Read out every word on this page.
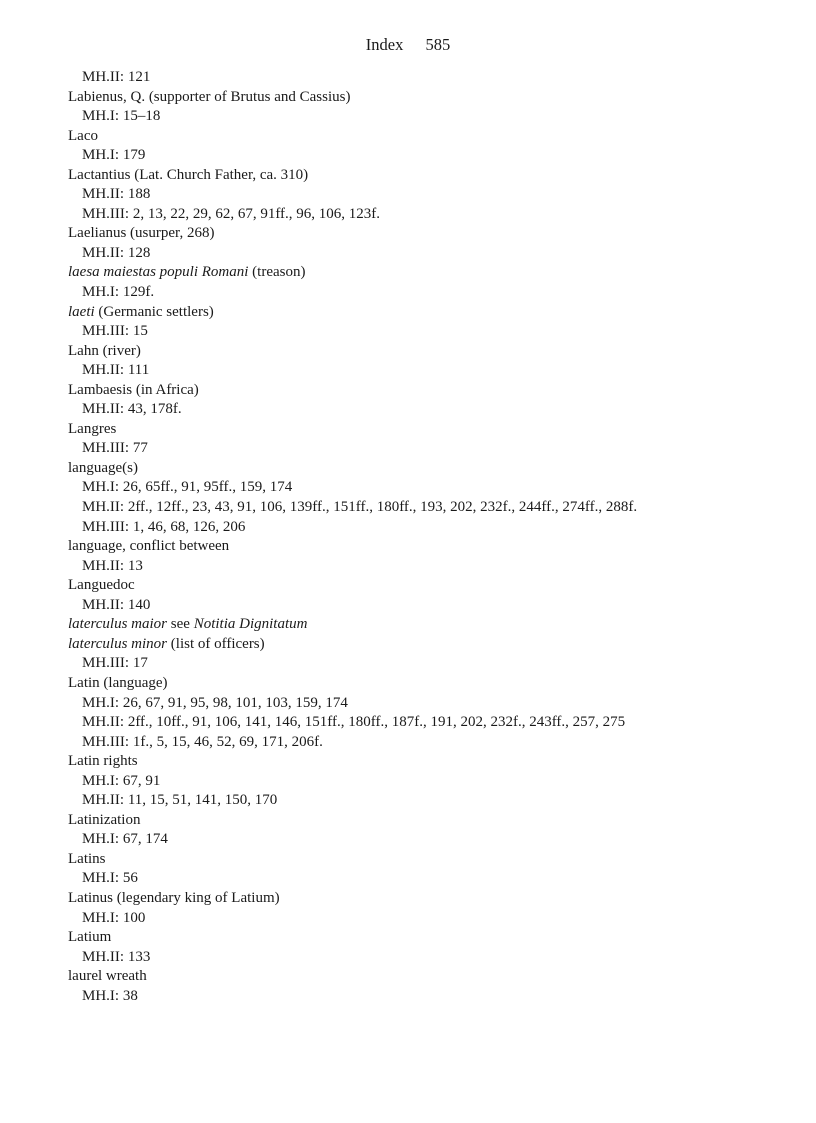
Index 585
MH.II: 121
Labienus, Q. (supporter of Brutus and Cassius)
MH.I: 15–18
Laco
MH.I: 179
Lactantius (Lat. Church Father, ca. 310)
MH.II: 188
MH.III: 2, 13, 22, 29, 62, 67, 91ff., 96, 106, 123f.
Laelianus (usurper, 268)
MH.II: 128
laesa maiestas populi Romani (treason)
MH.I: 129f.
laeti (Germanic settlers)
MH.III: 15
Lahn (river)
MH.II: 111
Lambaesis (in Africa)
MH.II: 43, 178f.
Langres
MH.III: 77
language(s)
MH.I: 26, 65ff., 91, 95ff., 159, 174
MH.II: 2ff., 12ff., 23, 43, 91, 106, 139ff., 151ff., 180ff., 193, 202, 232f., 244ff., 274ff., 288f.
MH.III: 1, 46, 68, 126, 206
language, conflict between
MH.II: 13
Languedoc
MH.II: 140
laterculus maior see Notitia Dignitatum
laterculus minor (list of officers)
MH.III: 17
Latin (language)
MH.I: 26, 67, 91, 95, 98, 101, 103, 159, 174
MH.II: 2ff., 10ff., 91, 106, 141, 146, 151ff., 180ff., 187f., 191, 202, 232f., 243ff., 257, 275
MH.III: 1f., 5, 15, 46, 52, 69, 171, 206f.
Latin rights
MH.I: 67, 91
MH.II: 11, 15, 51, 141, 150, 170
Latinization
MH.I: 67, 174
Latins
MH.I: 56
Latinus (legendary king of Latium)
MH.I: 100
Latium
MH.II: 133
laurel wreath
MH.I: 38
